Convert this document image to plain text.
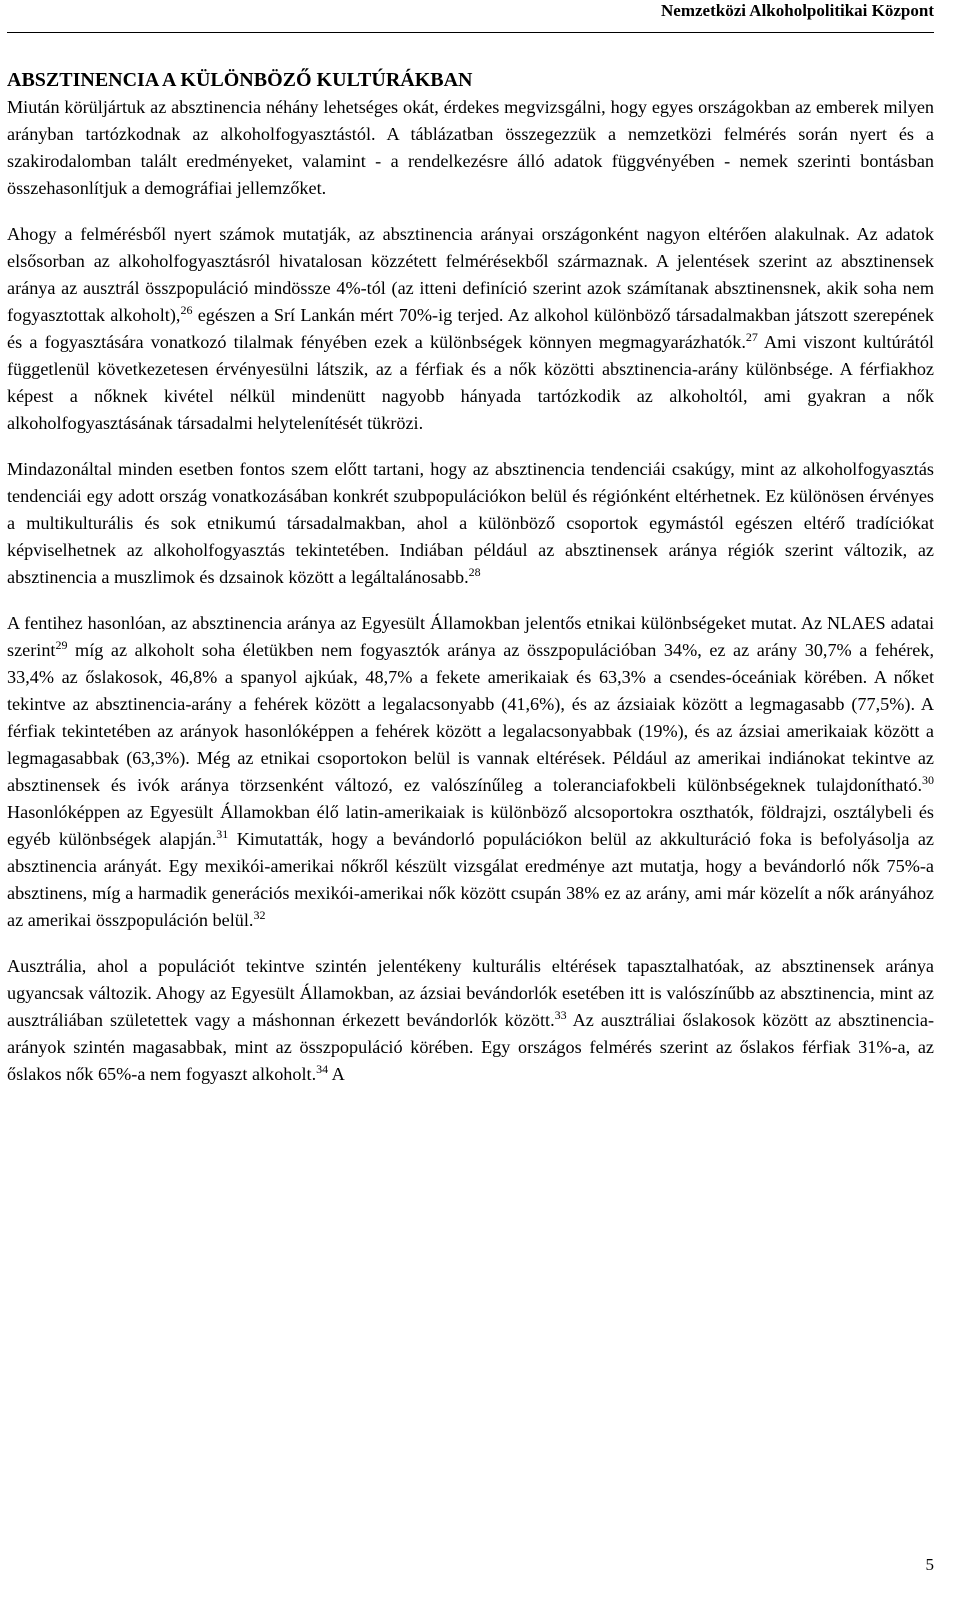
Nemzetközi Alkoholpolitikai Központ
ABSZTINENCIA A KÜLÖNBÖZŐ KULTÚRÁKBAN

Miután körüljártuk az absztinencia néhány lehetséges okát, érdekes megvizsgálni, hogy egyes országokban az emberek milyen arányban tartózkodnak az alkoholfogyasztástól. A táblázatban összegezzük a nemzetközi felmérés során nyert és a szakirodalomban talált eredményeket, valamint - a rendelkezésre álló adatok függvényében - nemek szerinti bontásban összehasonlítjuk a demográfiai jellemzőket.

Ahogy a felmérésből nyert számok mutatják, az absztinencia arányai országonként nagyon eltérően alakulnak. Az adatok elsősorban az alkoholfogyasztásról hivatalosan közzétett felmérésekből származnak. A jelentések szerint az absztinensek aránya az ausztrál összpopuláció mindössze 4%-tól (az itteni definíció szerint azok számítanak absztinensnek, akik soha nem fogyasztottak alkoholt),$^{26}$ egészen a Srí Lankán mért 70%-ig terjed. Az alkohol különböző társadalmakban játszott szerepének és a fogyasztására vonatkozó tilalmak fényében ezek a különbségek könnyen megmagyarázhatók.$^{27}$ Ami viszont kultúrától függetlenül következetesen érvényesülni látszik, az a férfiak és a nők közötti absztinencia-arány különbsége. A férfiakhoz képest a nőknek kivétel nélkül mindenütt nagyobb hányada tartózkodik az alkoholtól, ami gyakran a nők alkoholfogyasztásának társadalmi helytelenítését tükrözi.

Mindazonáltal minden esetben fontos szem előtt tartani, hogy az absztinencia tendenciái csakúgy, mint az alkoholfogyasztás tendenciái egy adott ország vonatkozásában konkrét szubpopulációkon belül és régiónként eltérhetnek. Ez különösen érvényes a multikulturális és sok etnikumú társadalmakban, ahol a különböző csoportok egymástól egészen eltérő tradíciókat képviselhetnek az alkoholfogyasztás tekintetében. Indiában például az absztinensek aránya régiók szerint változik, az absztinencia a muszlimok és dzsainok között a legáltalánosabb.$^{28}$

A fentihez hasonlóan, az absztinencia aránya az Egyesült Államokban jelentős etnikai különbségeket mutat. Az NLAES adatai szerint$^{29}$ míg az alkoholt soha életükben nem fogyasztók aránya az összpopulációban 34%, ez az arány 30,7% a fehérek, 33,4% az őslakosok, 46,8% a spanyol ajkúak, 48,7% a fekete amerikaiak és 63,3% a csendes-óceániak körében. A nőket tekintve az absztinencia-arány a fehérek között a legalacsonyabb (41,6%), és az ázsiaiak között a legmagasabb (77,5%). A férfiak tekintetében az arányok hasonlóképpen a fehérek között a legalacsonyabbak (19%), és az ázsiai amerikaiak között a legmagasabbak (63,3%). Még az etnikai csoportokon belül is vannak eltérések. Például az amerikai indiánokat tekintve az absztinensek és ivók aránya törzsenként változó, ez valószínűleg a toleranciafokbeli különbségeknek tulajdonítható.$^{30}$ Hasonlóképpen az Egyesült Államokban élő latin-amerikaiak is különböző alcsoportokra oszthatók, földrajzi, osztálybeli és egyéb különbségek alapján.$^{31}$ Kimutatták, hogy a bevándorló populációkon belül az akkulturáció foka is befolyásolja az absztinencia arányát. Egy mexikói-amerikai nőkről készült vizsgálat eredménye azt mutatja, hogy a bevándorló nők 75%-a absztinens, míg a harmadik generációs mexikói-amerikai nők között csupán 38% ez az arány, ami már közelít a nők arányához az amerikai összpopuláción belül.$^{32}$

Ausztrália, ahol a populációt tekintve szintén jelentékeny kulturális eltérések tapasztalhatóak, az absztinensek aránya ugyancsak változik. Ahogy az Egyesült Államokban, az ázsiai bevándorlók esetében itt is valószínűbb az absztinencia, mint az ausztráliában születettek vagy a máshonnan érkezett bevándorlók között.$^{33}$ Az ausztráliai őslakosok között az absztinencia-arányok szintén magasabbak, mint az összpopuláció körében. Egy országos felmérés szerint az őslakos férfiak 31%-a, az őslakos nők 65%-a nem fogyaszt alkoholt.$^{34}$ A

5
